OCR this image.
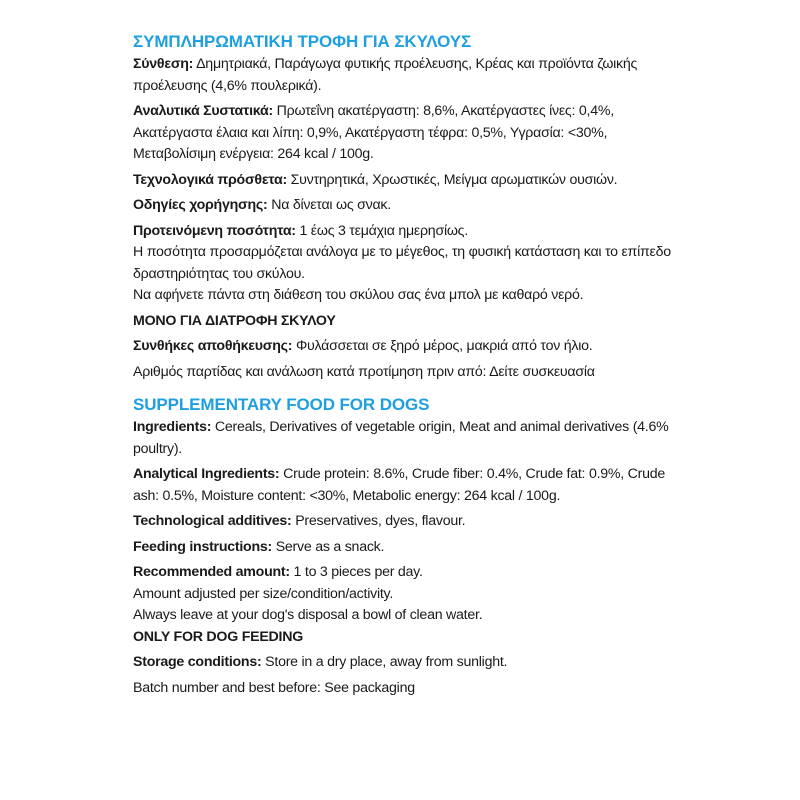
ΣΥΜΠΛΗΡΩΜΑΤΙΚΗ ΤΡΟΦΗ ΓΙΑ ΣΚΥΛΟΥΣ
Σύνθεση: Δημητριακά, Παράγωγα φυτικής προέλευσης, Κρέας και προϊόντα ζωικής προέλευσης (4,6% πουλερικά).
Αναλυτικά Συστατικά: Πρωτεΐνη ακατέργαστη: 8,6%, Ακατέργαστες ίνες: 0,4%, Ακατέργαστα έλαια και λίπη: 0,9%, Ακατέργαστη τέφρα: 0,5%, Υγρασία: <30%, Μεταβολίσιμη ενέργεια: 264 kcal / 100g.
Τεχνολογικά πρόσθετα: Συντηρητικά, Χρωστικές, Μείγμα αρωματικών ουσιών.
Οδηγίες χορήγησης: Να δίνεται ως σνακ.
Προτεινόμενη ποσότητα: 1 έως 3 τεμάχια ημερησίως.
Η ποσότητα προσαρμόζεται ανάλογα με το μέγεθος, τη φυσική κατάσταση και το επίπεδο δραστηριότητας του σκύλου.
Να αφήνετε πάντα στη διάθεση του σκύλου σας ένα μπολ με καθαρό νερό.
ΜΟΝΟ ΓΙΑ ΔΙΑΤΡΟΦΗ ΣΚΥΛΟΥ
Συνθήκες αποθήκευσης: Φυλάσσεται σε ξηρό μέρος, μακριά από τον ήλιο.
Αριθμός παρτίδας και ανάλωση κατά προτίμηση πριν από: Δείτε συσκευασία
SUPPLEMENTARY FOOD FOR DOGS
Ingredients: Cereals, Derivatives of vegetable origin, Meat and animal derivatives (4.6% poultry).
Analytical Ingredients: Crude protein: 8.6%, Crude fiber: 0.4%, Crude fat: 0.9%, Crude ash: 0.5%, Moisture content: <30%, Metabolic energy: 264 kcal / 100g.
Technological additives: Preservatives, dyes, flavour.
Feeding instructions: Serve as a snack.
Recommended amount: 1 to 3 pieces per day.
Amount adjusted per size/condition/activity.
Always leave at your dog's disposal a bowl of clean water.
ONLY FOR DOG FEEDING
Storage conditions: Store in a dry place, away from sunlight.
Batch number and best before: See packaging
